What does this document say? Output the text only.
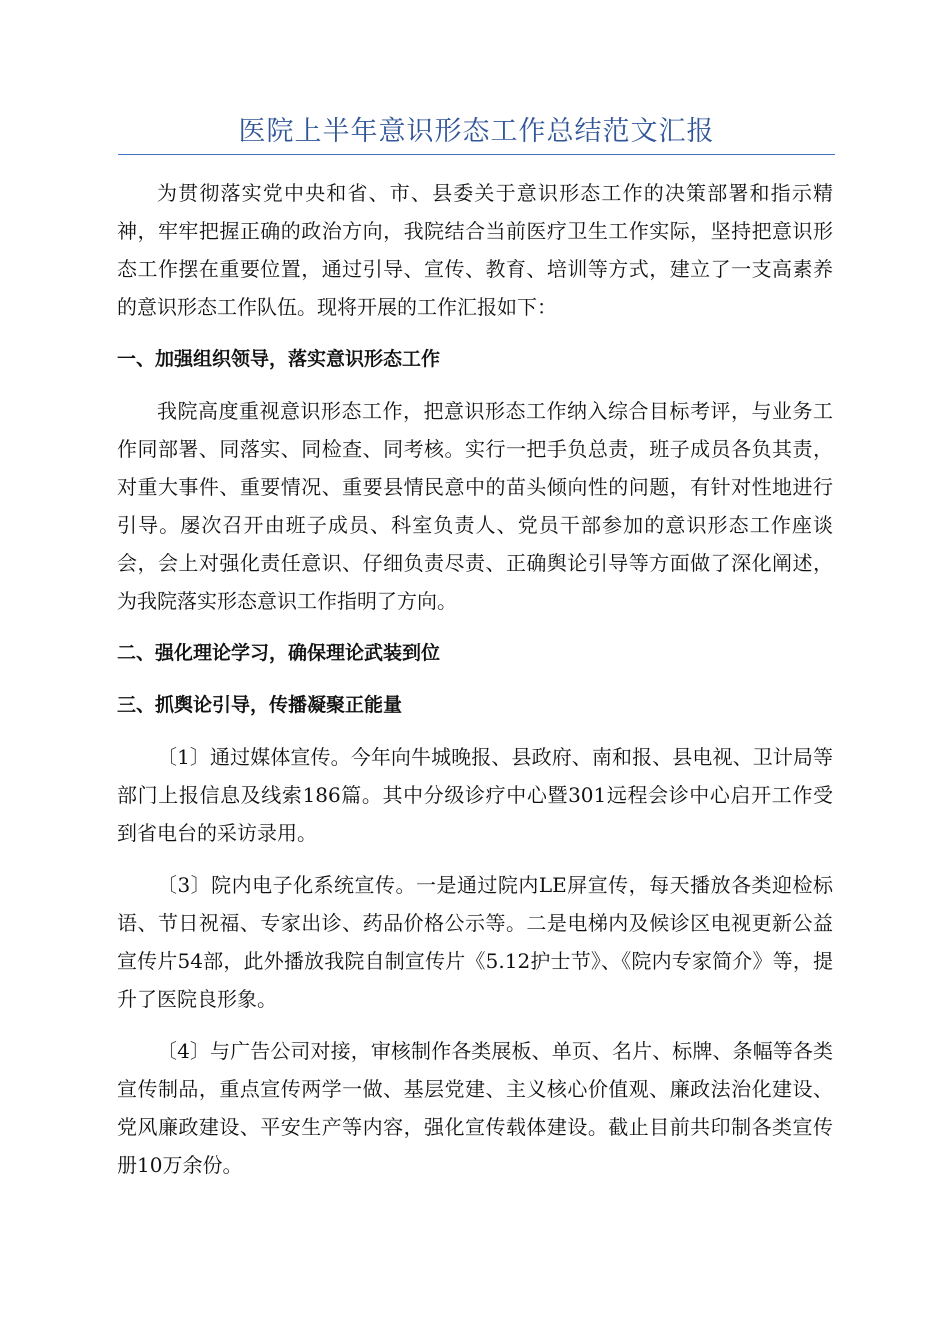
医院上半年意识形态工作总结范文汇报

为贯彻落实党中央和省、市、县委关于意识形态工作的决策部署和指示精神，牢牢把握正确的政治方向，我院结合当前医疗卫生工作实际，坚持把意识形态工作摆在重要位置，通过引导、宣传、教育、培训等方式，建立了一支高素养的意识形态工作队伍。现将开展的工作汇报如下：

一、加强组织领导，落实意识形态工作

我院高度重视意识形态工作，把意识形态工作纳入综合目标考评，与业务工作同部署、同落实、同检查、同考核。实行一把手负总责，班子成员各负其责，对重大事件、重要情况、重要县情民意中的苗头倾向性的问题，有针对性地进行引导。屡次召开由班子成员、科室负责人、党员干部参加的意识形态工作座谈会，会上对强化责任意识、仔细负责尽责、正确舆论引导等方面做了深化阐述，为我院落实形态意识工作指明了方向。

二、强化理论学习，确保理论武装到位
三、抓舆论引导，传播凝聚正能量

〔1〕通过媒体宣传。今年向牛城晚报、县政府、南和报、县电视、卫计局等部门上报信息及线索186篇。其中分级诊疗中心暨301远程会诊中心启开工作受到省电台的采访录用。

〔3〕院内电子化系统宣传。一是通过院内LE屏宣传，每天播放各类迎检标语、节日祝福、专家出诊、药品价格公示等。二是电梯内及候诊区电视更新公益宣传片54部，此外播放我院自制宣传片《5.12护士节》、《院内专家简介》等，提升了医院良形象。

〔4〕与广告公司对接，审核制作各类展板、单页、名片、标牌、条幅等各类宣传制品，重点宣传两学一做、基层党建、主义核心价值观、廉政法治化建设、党风廉政建设、平安生产等内容，强化宣传载体建设。截止目前共印制各类宣传册10万余份。
